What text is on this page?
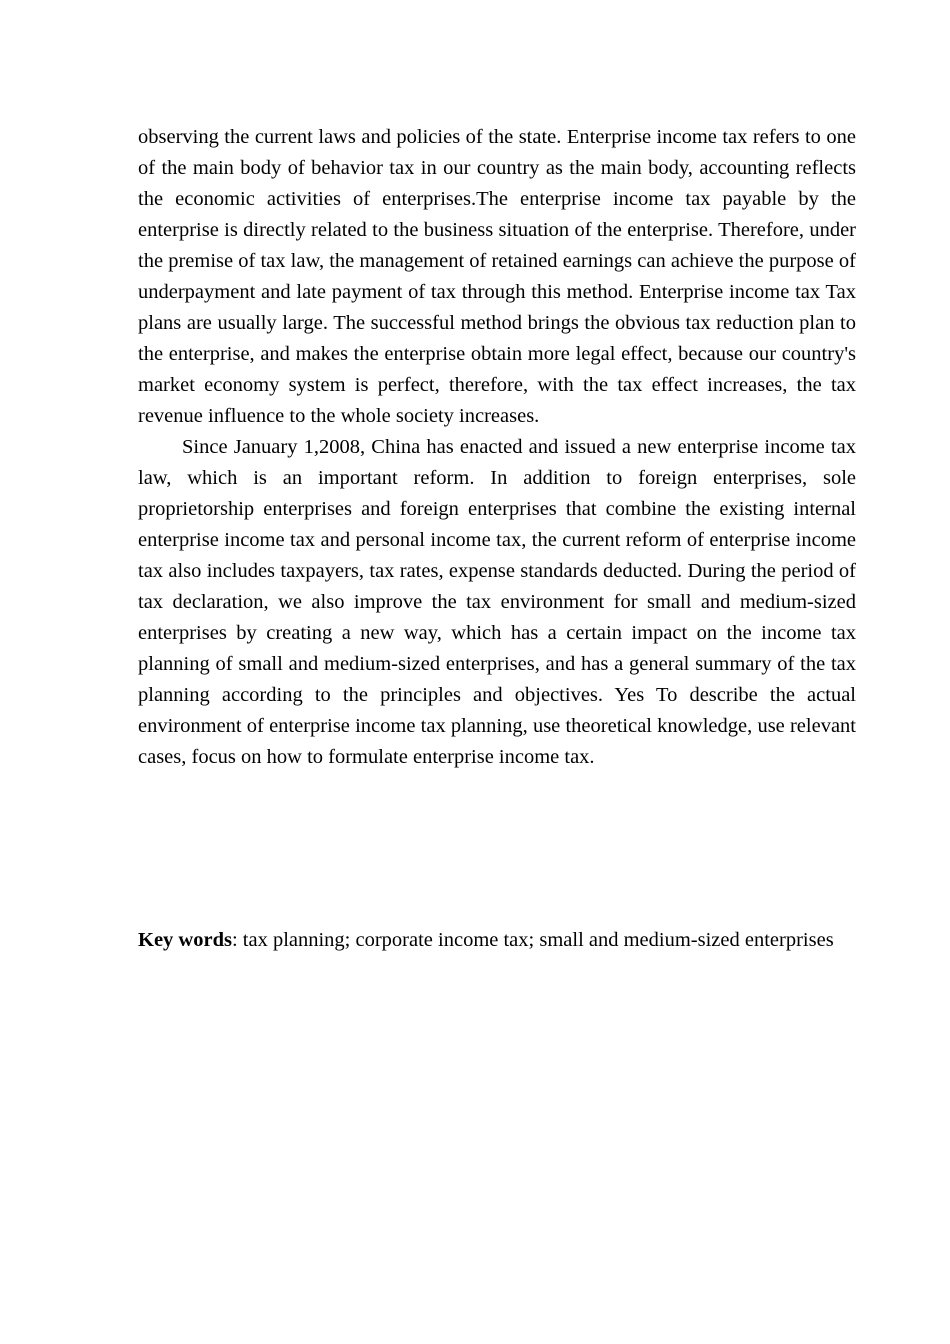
observing the current laws and policies of the state. Enterprise income tax refers to one of the main body of behavior tax in our country as the main body, accounting reflects the economic activities of enterprises.The enterprise income tax payable by the enterprise is directly related to the business situation of the enterprise. Therefore, under the premise of tax law, the management of retained earnings can achieve the purpose of underpayment and late payment of tax through this method. Enterprise income tax Tax plans are usually large. The successful method brings the obvious tax reduction plan to the enterprise, and makes the enterprise obtain more legal effect, because our country's market economy system is perfect, therefore, with the tax effect increases, the tax revenue influence to the whole society increases.

Since January 1,2008, China has enacted and issued a new enterprise income tax law, which is an important reform. In addition to foreign enterprises, sole proprietorship enterprises and foreign enterprises that combine the existing internal enterprise income tax and personal income tax, the current reform of enterprise income tax also includes taxpayers, tax rates, expense standards deducted. During the period of tax declaration, we also improve the tax environment for small and medium-sized enterprises by creating a new way, which has a certain impact on the income tax planning of small and medium-sized enterprises, and has a general summary of the tax planning according to the principles and objectives. Yes To describe the actual environment of enterprise income tax planning, use theoretical knowledge, use relevant cases, focus on how to formulate enterprise income tax.

Key words: tax planning; corporate income tax; small and medium-sized enterprises
